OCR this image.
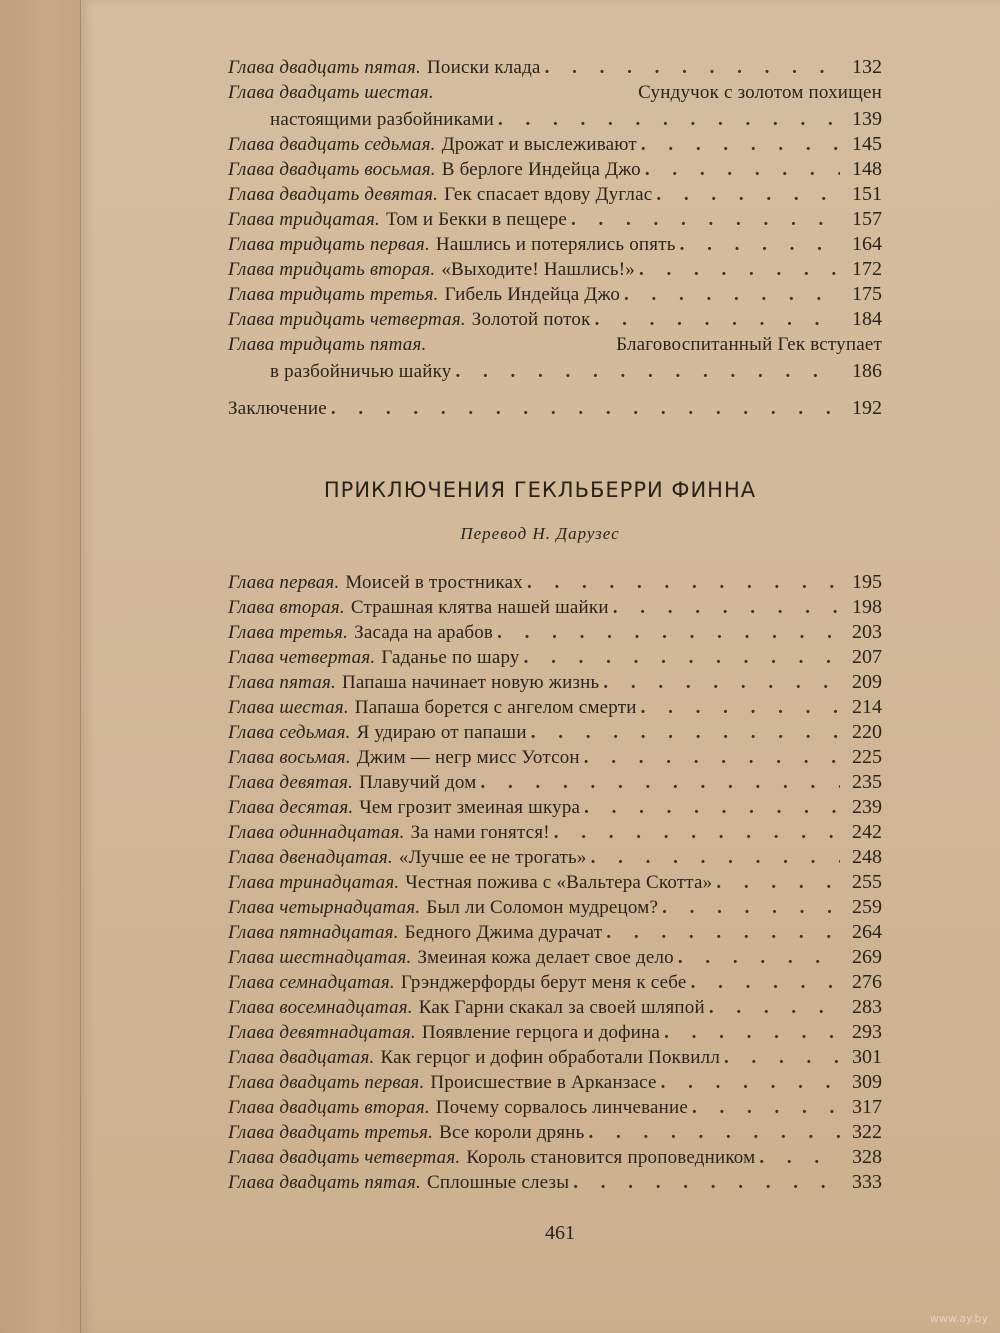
Глава двадцать пятая. Поиски клада . . .	132
Глава двадцать шестая.	Сундучок с золотом похищен
настоящими разбойниками . . .	139
Глава двадцать седьмая. Дрожат и выслеживают . . .	145
Глава двадцать восьмая. В берлоге Индейца Джо . . .	148
Глава двадцать девятая. Гек спасает вдову Дуглас . . .	151
Глава тридцатая. Том и Бекки в пещере . . .	157
Глава тридцать первая. Нашлись и потерялись опять . . .	164
Глава тридцать вторая. «Выходите! Нашлись!» . . .	172
Глава тридцать третья. Гибель Индейца Джо . . .	175
Глава тридцать четвертая. Золотой поток . . .	184
Глава тридцать пятая.	Благовоспитанный Гек вступает
в разбойничью шайку . . .	186
Заключение . . .	192
ПРИКЛЮЧЕНИЯ ГЕКЛЬБЕРРИ ФИННА
Перевод Н. Дарузес
Глава первая. Моисей в тростниках . . .	195
Глава вторая. Страшная клятва нашей шайки . . .	198
Глава третья. Засада на арабов . . .	203
Глава четвертая. Гаданье по шару . . .	207
Глава пятая. Папаша начинает новую жизнь . . .	209
Глава шестая. Папаша борется с ангелом смерти . . .	214
Глава седьмая. Я удираю от папаши . . .	220
Глава восьмая. Джим — негр мисс Уотсон . . .	225
Глава девятая. Плавучий дом . . .	235
Глава десятая. Чем грозит змеиная шкура . . .	239
Глава одиннадцатая. За нами гонятся! . . .	242
Глава двенадцатая. «Лучше ее не трогать» . . .	248
Глава тринадцатая. Честная пожива с «Вальтера Скотта» . . .	255
Глава четырнадцатая. Был ли Соломон мудрецом? . . .	259
Глава пятнадцатая. Бедного Джима дурачат . . .	264
Глава шестнадцатая. Змеиная кожа делает свое дело . . .	269
Глава семнадцатая. Грэнджерфорды берут меня к себе . . .	276
Глава восемнадцатая. Как Гарни скакал за своей шляпой . . .	283
Глава девятнадцатая. Появление герцога и дофина . . .	293
Глава двадцатая. Как герцог и дофин обработали Поквилл . . .	301
Глава двадцать первая. Происшествие в Арканзасе . . .	309
Глава двадцать вторая. Почему сорвалось линчевание . . .	317
Глава двадцать третья. Все короли дрянь . . .	322
Глава двадцать четвертая. Король становится проповедником . . .	328
Глава двадцать пятая. Сплошные слезы . . .	333
461
www.ay.by
